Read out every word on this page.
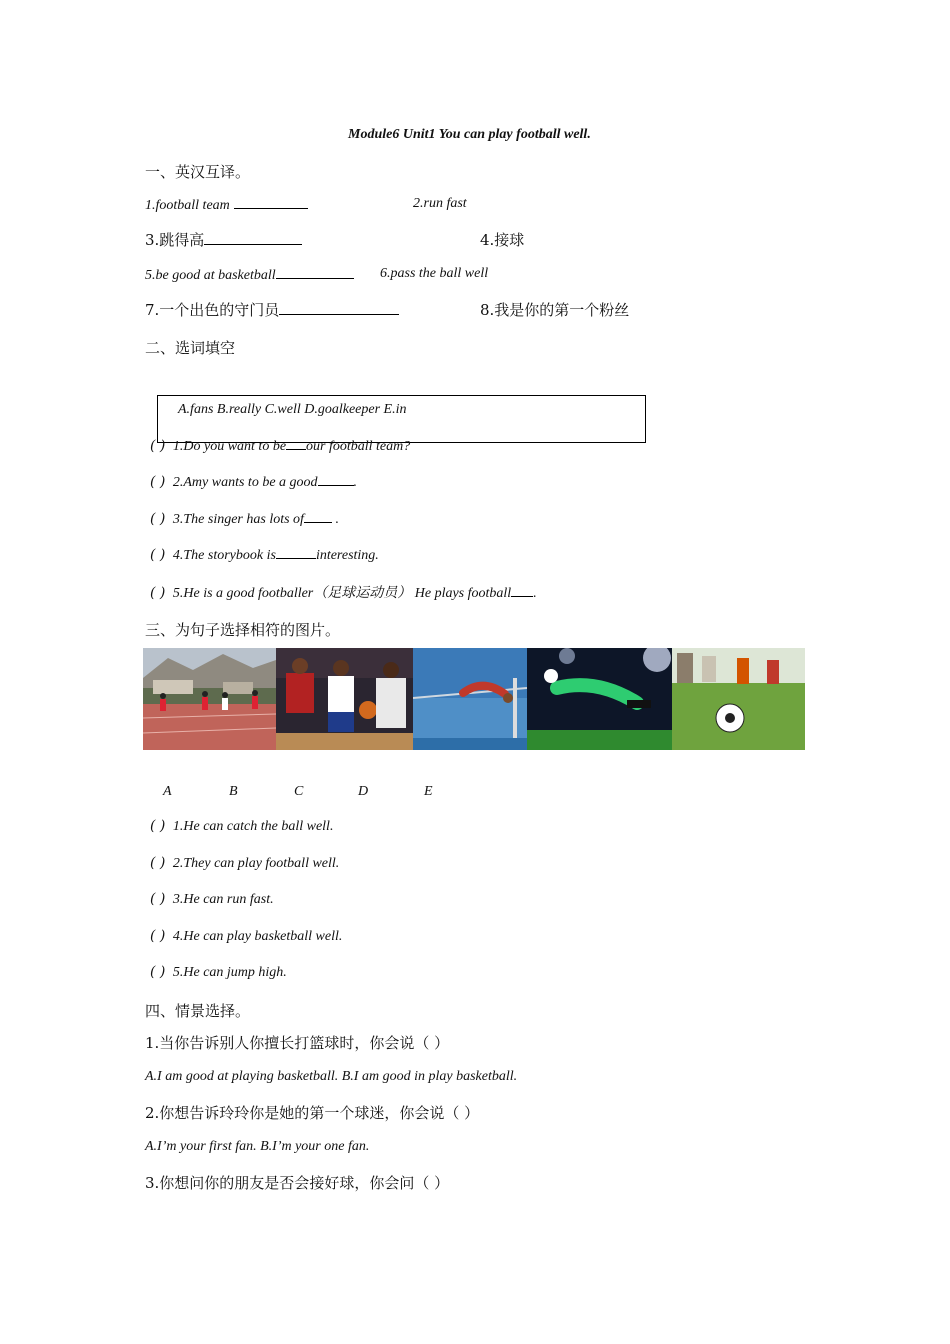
Module6 Unit1 You can play football well.
一、英汉互译。
1.football team	2.run fast
3.跳得高	4.接球
5.be good at basketball	6.pass the ball well
7.一个出色的守门员	8.我是你的第一个粉丝
二、选词填空
A.fans B.really C.well D.goalkeeper E.in
( ) 1.Do you want to be our football team?
( ) 2.Amy wants to be a good	.
( ) 3.The singer has lots of .
( ) 4.The storybook is	interesting.
( ) 5.He is a good footballer（足球运动员） He plays football .
三、为句子选择相符的图片。
A	B	C	D	E
( ) 1.He can catch the ball well.
( ) 2.They can play football well.
( ) 3.He can run fast.
( ) 4.He can play basketball well.
( ) 5.He can jump high.
四、情景选择。
1.当你告诉别人你擅长打篮球时，你会说（ ）
A.I am good at playing basketball. B.I am good in play basketball.
2.你想告诉玲玲你是她的第一个球迷，你会说（ ）
A.I’m your first fan. B.I’m your one fan.
3.你想问你的朋友是否会接好球，你会问（ ）
